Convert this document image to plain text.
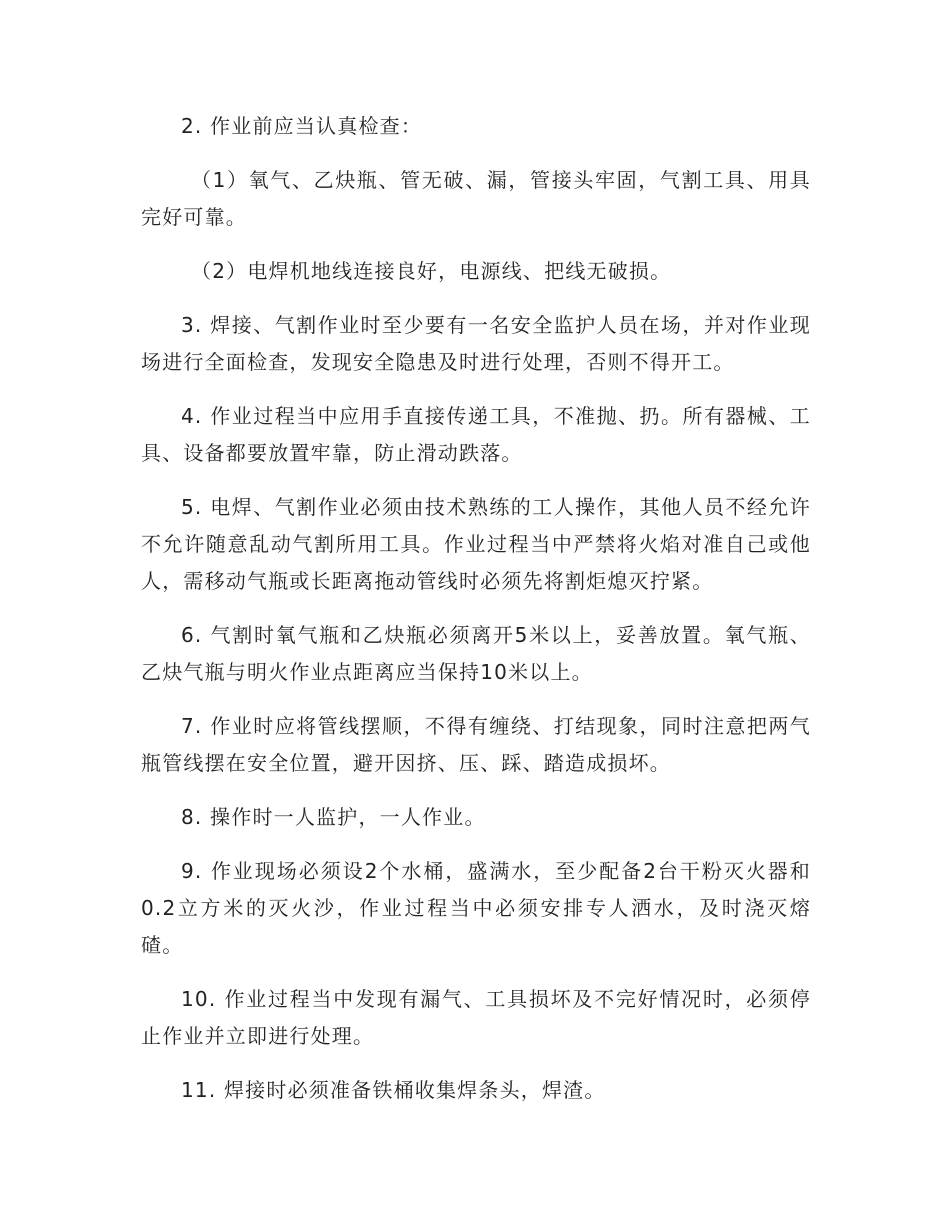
2. 作业前应当认真检查：

（1）氧气、乙炔瓶、管无破、漏，管接头牢固，气割工具、用具完好可靠。

（2）电焊机地线连接良好，电源线、把线无破损。

3. 焊接、气割作业时至少要有一名安全监护人员在场，并对作业现场进行全面检查，发现安全隐患及时进行处理，否则不得开工。

4. 作业过程当中应用手直接传递工具，不准抛、扔。所有器械、工具、设备都要放置牢靠，防止滑动跌落。

5. 电焊、气割作业必须由技术熟练的工人操作，其他人员不经允许不允许随意乱动气割所用工具。作业过程当中严禁将火焰对准自己或他人，需移动气瓶或长距离拖动管线时必须先将割炬熄灭拧紧。

6. 气割时氧气瓶和乙炔瓶必须离开5米以上，妥善放置。氧气瓶、乙炔气瓶与明火作业点距离应当保持10米以上。

7. 作业时应将管线摆顺，不得有缠绕、打结现象，同时注意把两气瓶管线摆在安全位置，避开因挤、压、踩、踏造成损坏。

8. 操作时一人监护，一人作业。

9. 作业现场必须设2个水桶，盛满水，至少配备2台干粉灭火器和0.2立方米的灭火沙，作业过程当中必须安排专人洒水，及时浇灭熔碴。

10. 作业过程当中发现有漏气、工具损坏及不完好情况时，必须停止作业并立即进行处理。

11. 焊接时必须准备铁桶收集焊条头，焊渣。
